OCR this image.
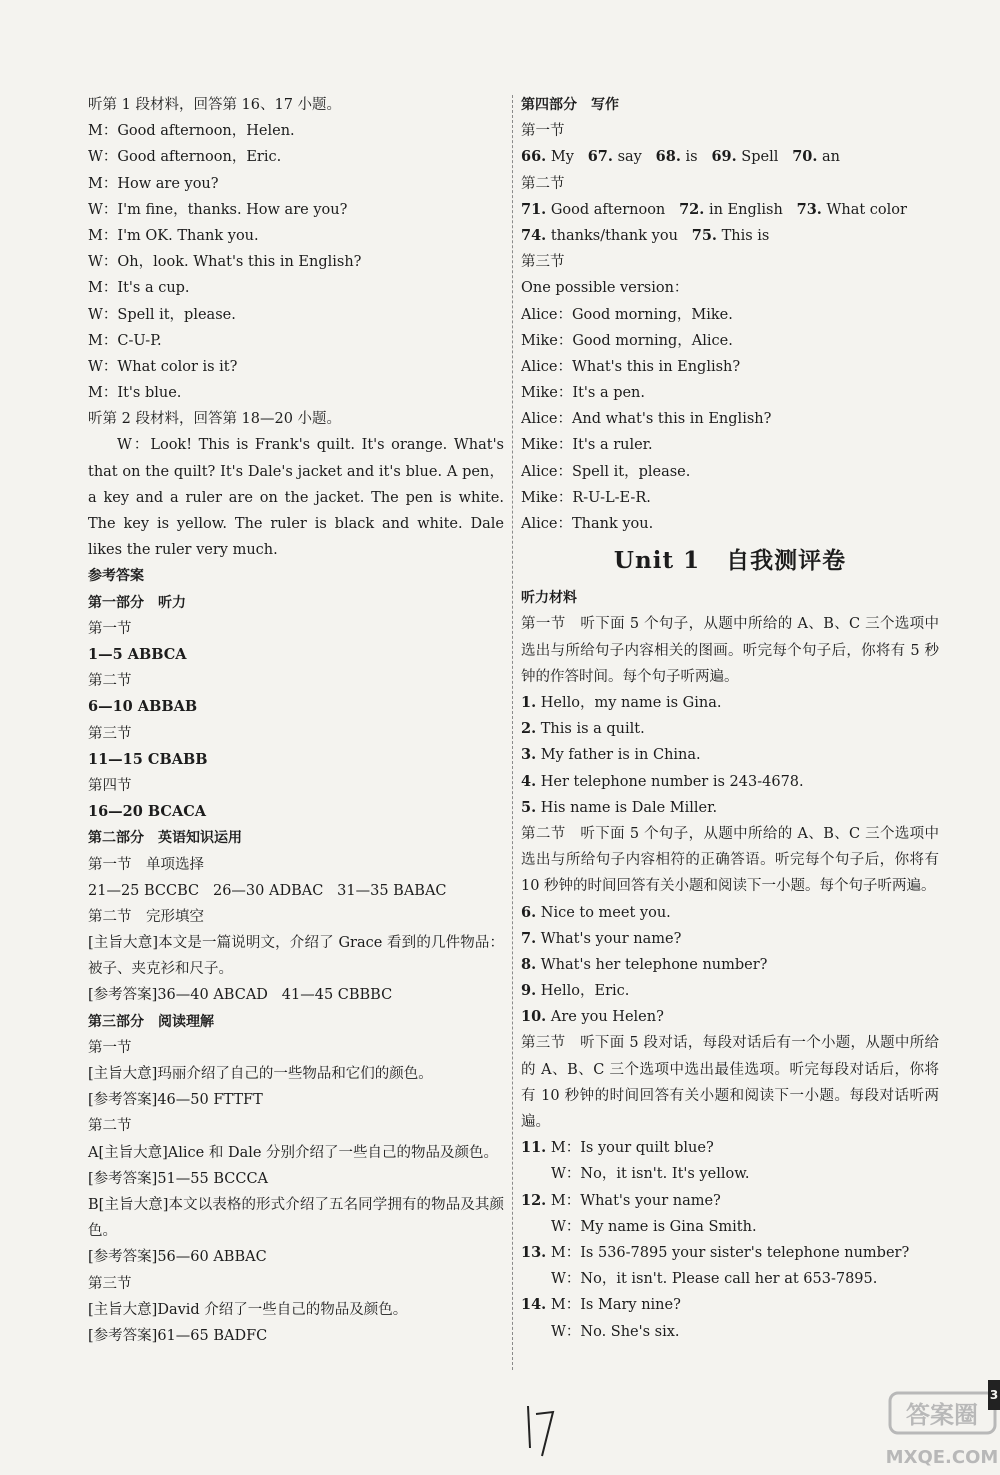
听第 1 段材料，回答第 16、17 小题。
M：Good afternoon，Helen.
W：Good afternoon，Eric.
M：How are you?
W：I'm fine，thanks. How are you?
M：I'm OK. Thank you.
W：Oh，look. What's this in English?
M：It's a cup.
W：Spell it，please.
M：C-U-P.
W：What color is it?
M：It's blue.
听第 2 段材料，回答第 18—20 小题。

W：Look! This is Frank's quilt. It's orange. What's that on the quilt? It's Dale's jacket and it's blue. A pen，a key and a ruler are on the jacket. The pen is white. The key is yellow. The ruler is black and white. Dale likes the ruler very much.

参考答案
第一部分　听力
第一节
1—5 ABBCA
第二节
6—10 ABBAB
第三节
11—15 CBABB
第四节
16—20 BCACA
第二部分　英语知识运用
第一节　单项选择
21—25 BCCBC 26—30 ADBAC 31—35 BABAC
第二节　完形填空

[主旨大意]本文是一篇说明文，介绍了 Grace 看到的几件物品：被子、夹克衫和尺子。

[参考答案]36—40 ABCAD 41—45 CBBBC
第三部分　阅读理解
第一节
[主旨大意]玛丽介绍了自己的一些物品和它们的颜色。
[参考答案]46—50 FTTFT
第二节

A[主旨大意]Alice 和 Dale 分别介绍了一些自己的物品及颜色。

[参考答案]51—55 BCCCA

B[主旨大意]本文以表格的形式介绍了五名同学拥有的物品及其颜色。

[参考答案]56—60 ABBAC
第三节
[主旨大意]David 介绍了一些自己的物品及颜色。
[参考答案]61—65 BADFC
第四部分　写作
第一节
66. My 67. say 68. is 69. Spell 70. an
第二节
71. Good afternoon 72. in English 73. What color
74. thanks/thank you 75. This is
第三节
One possible version：
Alice：Good morning，Mike.
Mike：Good morning，Alice.
Alice：What's this in English?
Mike：It's a pen.
Alice：And what's this in English?
Mike：It's a ruler.
Alice：Spell it，please.
Mike：R-U-L-E-R.
Alice：Thank you.
Unit 1 自我测评卷
听力材料

第一节　听下面 5 个句子，从题中所给的 A、B、C 三个选项中选出与所给句子内容相关的图画。听完每个句子后，你将有 5 秒钟的作答时间。每个句子听两遍。

1. Hello，my name is Gina.
2. This is a quilt.
3. My father is in China.
4. Her telephone number is 243-4678.
5. His name is Dale Miller.

第二节　听下面 5 个句子，从题中所给的 A、B、C 三个选项中选出与所给句子内容相符的正确答语。听完每个句子后，你将有 10 秒钟的时间回答有关小题和阅读下一小题。每个句子听两遍。

6. Nice to meet you.
7. What's your name?
8. What's her telephone number?
9. Hello，Eric.
10. Are you Helen?

第三节　听下面 5 段对话，每段对话后有一个小题，从题中所给的 A、B、C 三个选项中选出最佳选项。听完每段对话后，你将有 10 秒钟的时间回答有关小题和阅读下一小题。每段对话听两遍。

11. M：Is your quilt blue?
W：No，it isn't. It's yellow.
12. M：What's your name?
W：My name is Gina Smith.
13. M：Is 536-7895 your sister's telephone number?
W：No，it isn't. Please call her at 653-7895.
14. M：Is Mary nine?
W：No. She's six.
答案圈
MXQE.COM
3
